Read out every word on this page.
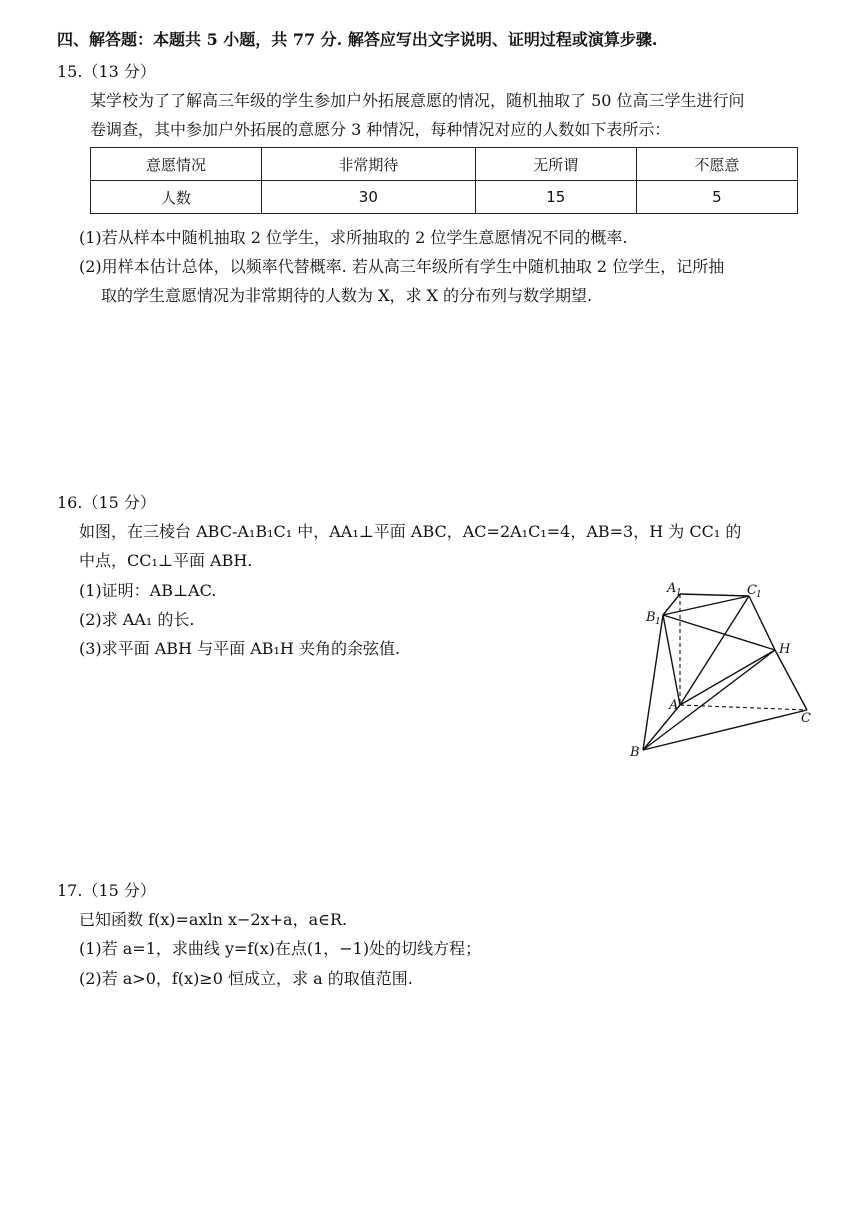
四、解答题：本题共 5 小题，共 77 分. 解答应写出文字说明、证明过程或演算步骤.
15.（13 分）
某学校为了了解高三年级的学生参加户外拓展意愿的情况，随机抽取了 50 位高三学生进行问
卷调查，其中参加户外拓展的意愿分 3 种情况，每种情况对应的人数如下表所示：
意愿情况	非常期待	无所谓	不愿意
人数	30	15	5
(1)若从样本中随机抽取 2 位学生，求所抽取的 2 位学生意愿情况不同的概率.
(2)用样本估计总体，以频率代替概率. 若从高三年级所有学生中随机抽取 2 位学生，记所抽
取的学生意愿情况为非常期待的人数为 X，求 X 的分布列与数学期望.
16.（15 分）
如图，在三棱台 ABC-A₁B₁C₁ 中，AA₁⊥平面 ABC，AC=2A₁C₁=4，AB=3，H 为 CC₁ 的
中点，CC₁⊥平面 ABH.
(1)证明：AB⊥AC.
(2)求 AA₁ 的长.
(3)求平面 ABH 与平面 AB₁H 夹角的余弦值.
A 1	C 1
B 1
H
A
C
B
17.（15 分）
已知函数 f(x)=axln x−2x+a，a∈R.
(1)若 a=1，求曲线 y=f(x)在点(1，−1)处的切线方程；
(2)若 a>0，f(x)≥0 恒成立，求 a 的取值范围.
